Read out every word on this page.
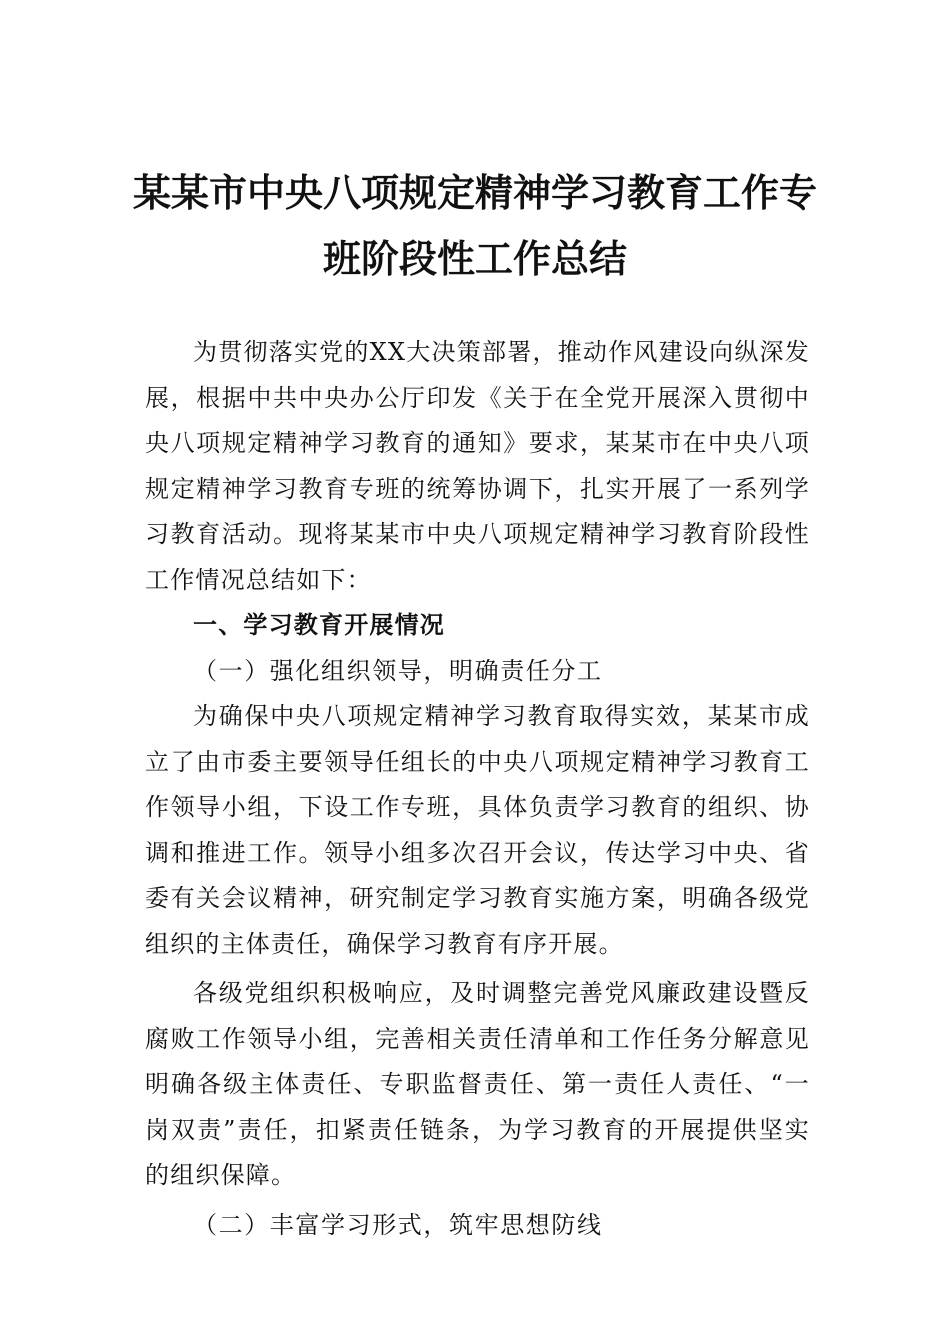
某某市中央八项规定精神学习教育工作专
班阶段性工作总结

为贯彻落实党的XX大决策部署，推动作风建设向纵深发展，根据中共中央办公厅印发《关于在全党开展深入贯彻中央八项规定精神学习教育的通知》要求，某某市在中央八项规定精神学习教育专班的统筹协调下，扎实开展了一系列学习教育活动。现将某某市中央八项规定精神学习教育阶段性工作情况总结如下：

一、学习教育开展情况

（一）强化组织领导，明确责任分工

为确保中央八项规定精神学习教育取得实效，某某市成立了由市委主要领导任组长的中央八项规定精神学习教育工作领导小组，下设工作专班，具体负责学习教育的组织、协调和推进工作。领导小组多次召开会议，传达学习中央、省委有关会议精神，研究制定学习教育实施方案，明确各级党组织的主体责任，确保学习教育有序开展。

各级党组织积极响应，及时调整完善党风廉政建设暨反腐败工作领导小组，完善相关责任清单和工作任务分解意见明确各级主体责任、专职监督责任、第一责任人责任、“一岗双责”责任，扣紧责任链条，为学习教育的开展提供坚实的组织保障。

（二）丰富学习形式，筑牢思想防线
